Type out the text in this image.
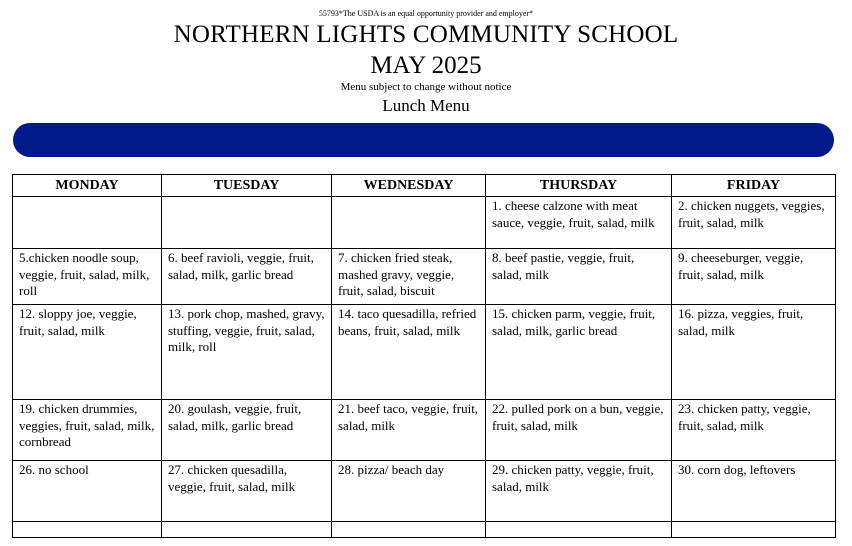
55793*The USDA is an equal opportunity provider and employer*
NORTHERN LIGHTS COMMUNITY SCHOOL
MAY 2025
Menu subject to change without notice
Lunch Menu
MONDAY	TUESDAY	WEDNESDAY	THURSDAY	FRIDAY
			1. cheese calzone with meat sauce, veggie, fruit, salad, milk	2. chicken nuggets, veggies, fruit, salad, milk
5.chicken noodle soup, veggie, fruit, salad, milk, roll	6. beef ravioli, veggie, fruit, salad, milk, garlic bread	7. chicken fried steak, mashed gravy, veggie, fruit, salad, biscuit	8. beef pastie, veggie, fruit, salad, milk	9. cheeseburger, veggie, fruit, salad, milk
12. sloppy joe, veggie, fruit, salad, milk	13. pork chop, mashed, gravy, stuffing, veggie, fruit, salad, milk, roll	14. taco quesadilla, refried beans, fruit, salad, milk	15. chicken parm, veggie, fruit, salad, milk, garlic bread	16. pizza, veggies, fruit, salad, milk
19. chicken drummies, veggies, fruit, salad, milk, cornbread	20. goulash, veggie, fruit, salad, milk, garlic bread	21. beef taco, veggie, fruit, salad, milk	22. pulled pork on a bun, veggie, fruit, salad, milk	23. chicken patty, veggie, fruit, salad, milk
26. no school	27. chicken quesadilla, veggie, fruit, salad, milk	28. pizza/ beach day	29. chicken patty, veggie, fruit, salad, milk	30. corn dog, leftovers
